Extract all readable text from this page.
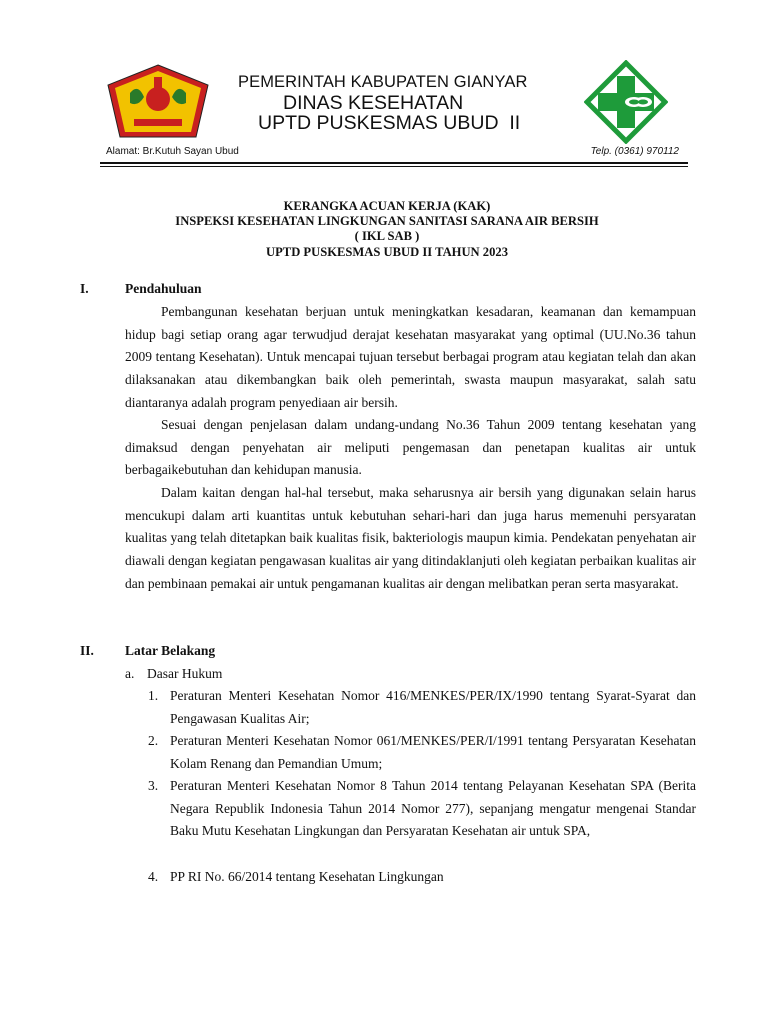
PEMERINTAH KABUPATEN GIANYAR
DINAS KESEHATAN
UPTD PUSKESMAS UBUD  II
Alamat: Br.Kutuh Sayan Ubud	Telp. (0361) 970112
KERANGKA ACUAN KERJA (KAK)
INSPEKSI KESEHATAN LINGKUNGAN SANITASI SARANA AIR BERSIH
( IKL SAB )
UPTD PUSKESMAS UBUD II TAHUN 2023
I.	Pendahuluan

Pembangunan kesehatan berjuan untuk meningkatkan kesadaran, keamanan dan kemampuan hidup bagi setiap orang agar terwudjud derajat kesehatan masyarakat yang optimal (UU.No.36 tahun 2009 tentang Kesehatan). Untuk mencapai tujuan tersebut berbagai program atau kegiatan telah dan akan dilaksanakan atau dikembangkan baik oleh pemerintah, swasta maupun masyarakat, salah satu diantaranya adalah program penyediaan air bersih.

Sesuai dengan penjelasan dalam undang-undang No.36 Tahun 2009 tentang kesehatan yang dimaksud dengan penyehatan air meliputi pengemasan dan penetapan kualitas air untuk berbagaikebutuhan dan kehidupan manusia.

Dalam kaitan dengan hal-hal tersebut, maka seharusnya air bersih yang digunakan selain harus mencukupi dalam arti kuantitas untuk kebutuhan sehari-hari dan juga harus memenuhi persyaratan kualitas yang telah ditetapkan baik kualitas fisik, bakteriologis maupun kimia. Pendekatan penyehatan air diawali dengan kegiatan pengawasan kualitas air yang ditindaklanjuti oleh kegiatan perbaikan kualitas air dan pembinaan pemakai air untuk pengamanan kualitas air dengan melibatkan peran serta masyarakat.

II. Latar Belakang
a. Dasar Hukum
1. Peraturan Menteri Kesehatan Nomor 416/MENKES/PER/IX/1990 tentang Syarat-Syarat dan Pengawasan Kualitas Air;
2. Peraturan Menteri Kesehatan Nomor 061/MENKES/PER/I/1991 tentang Persyaratan Kesehatan Kolam Renang dan Pemandian Umum;
3. Peraturan Menteri Kesehatan Nomor 8 Tahun 2014 tentang Pelayanan Kesehatan SPA (Berita Negara Republik Indonesia Tahun 2014 Nomor 277), sepanjang mengatur mengenai Standar Baku Mutu Kesehatan Lingkungan dan Persyaratan Kesehatan air untuk SPA,
4. PP RI No. 66/2014 tentang Kesehatan Lingkungan
